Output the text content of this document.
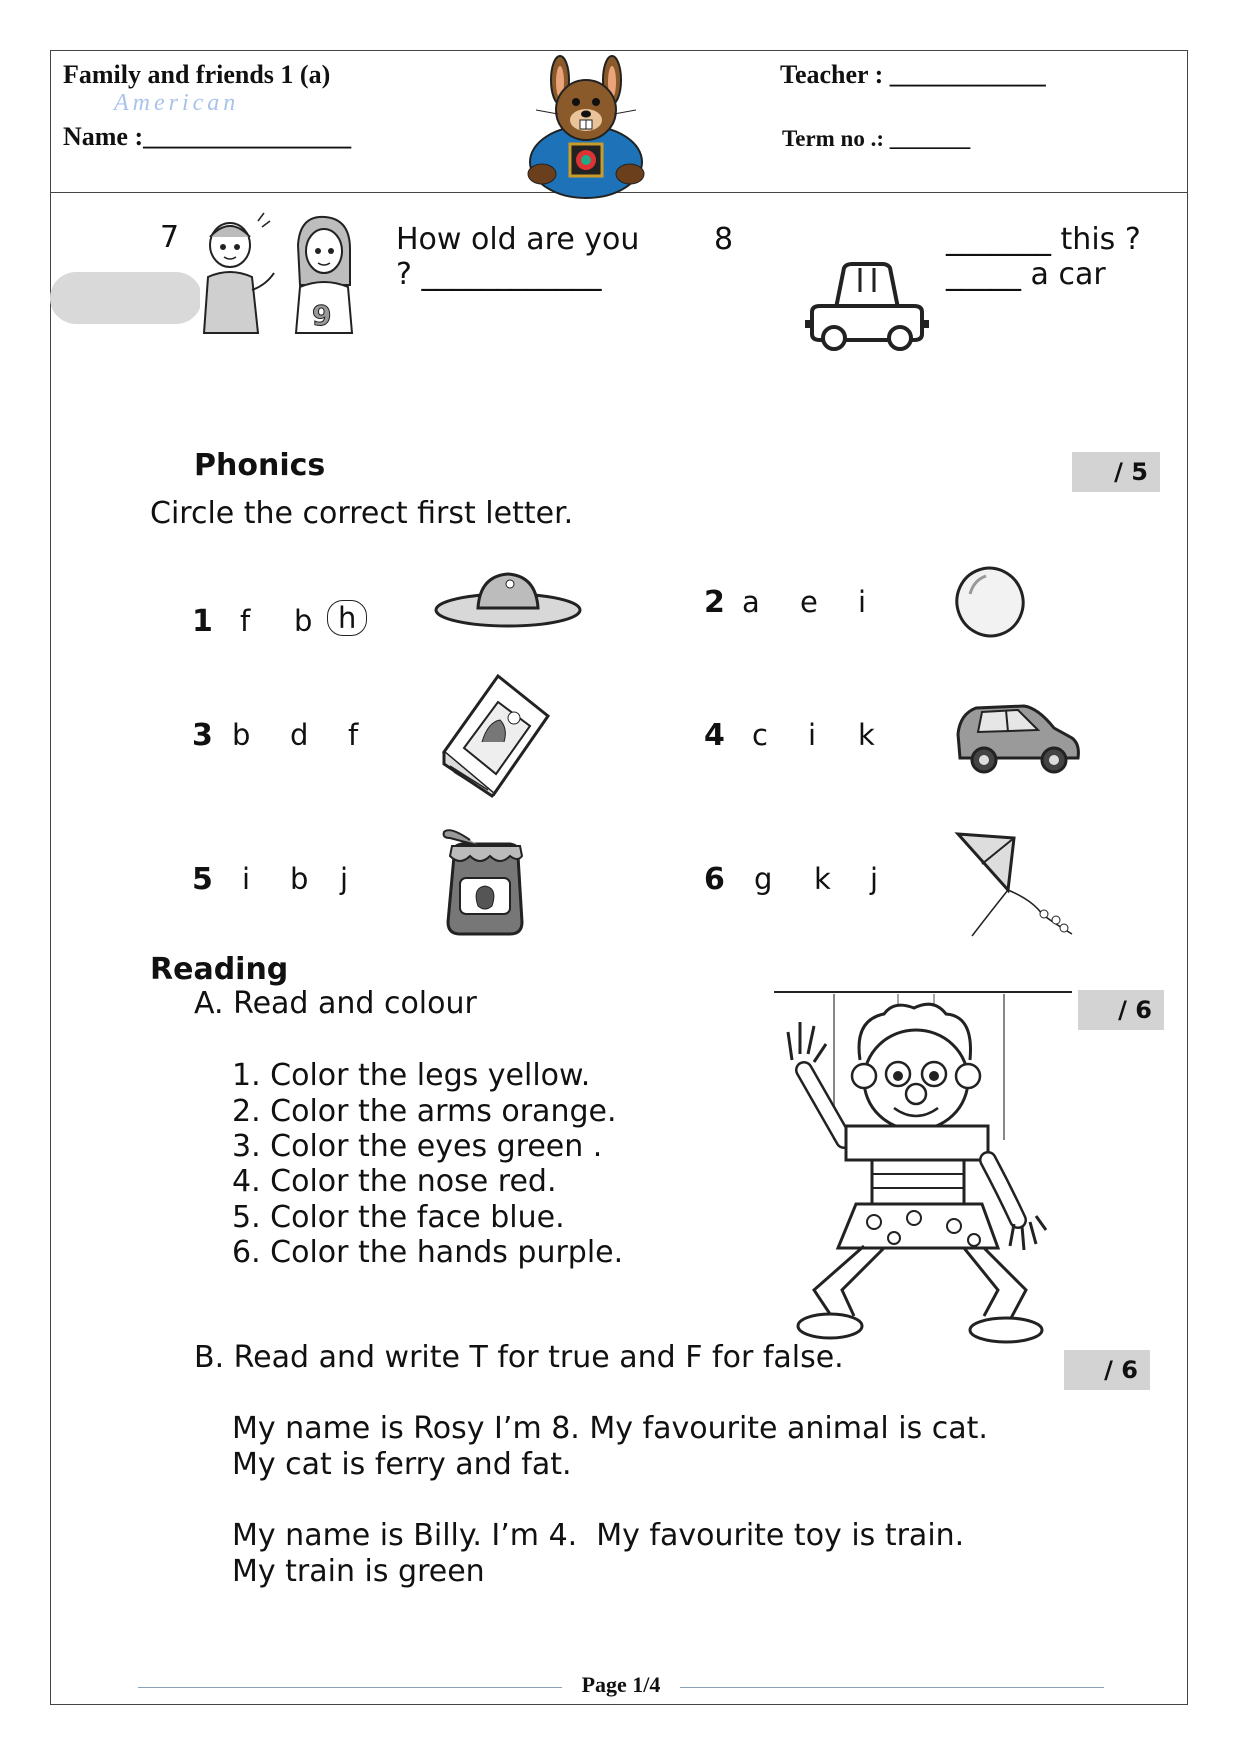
Family and friends 1 (a)
American
Name :________________
Teacher : ____________
Term no .: _______
7
9
How old are you
? ____________
8	_______ this ?
_____ a car
Phonics	/ 5
Circle the correct first letter.
1 f b h	2 a e i
3 b d f	4 c i k
5 i b j	6 g k j
Reading
A. Read and colour	/ 6
1. Color the legs yellow.
2. Color the arms orange.
3. Color the eyes green .
4. Color the nose red.
5. Color the face blue.
6. Color the hands purple.
B. Read and write T for true and F for false.	/ 6
My name is Rosy I’m 8. My favourite animal is cat.
My cat is ferry and fat.
My name is Billy. I’m 4.  My favourite toy is train.
My train is green
Page 1/4
